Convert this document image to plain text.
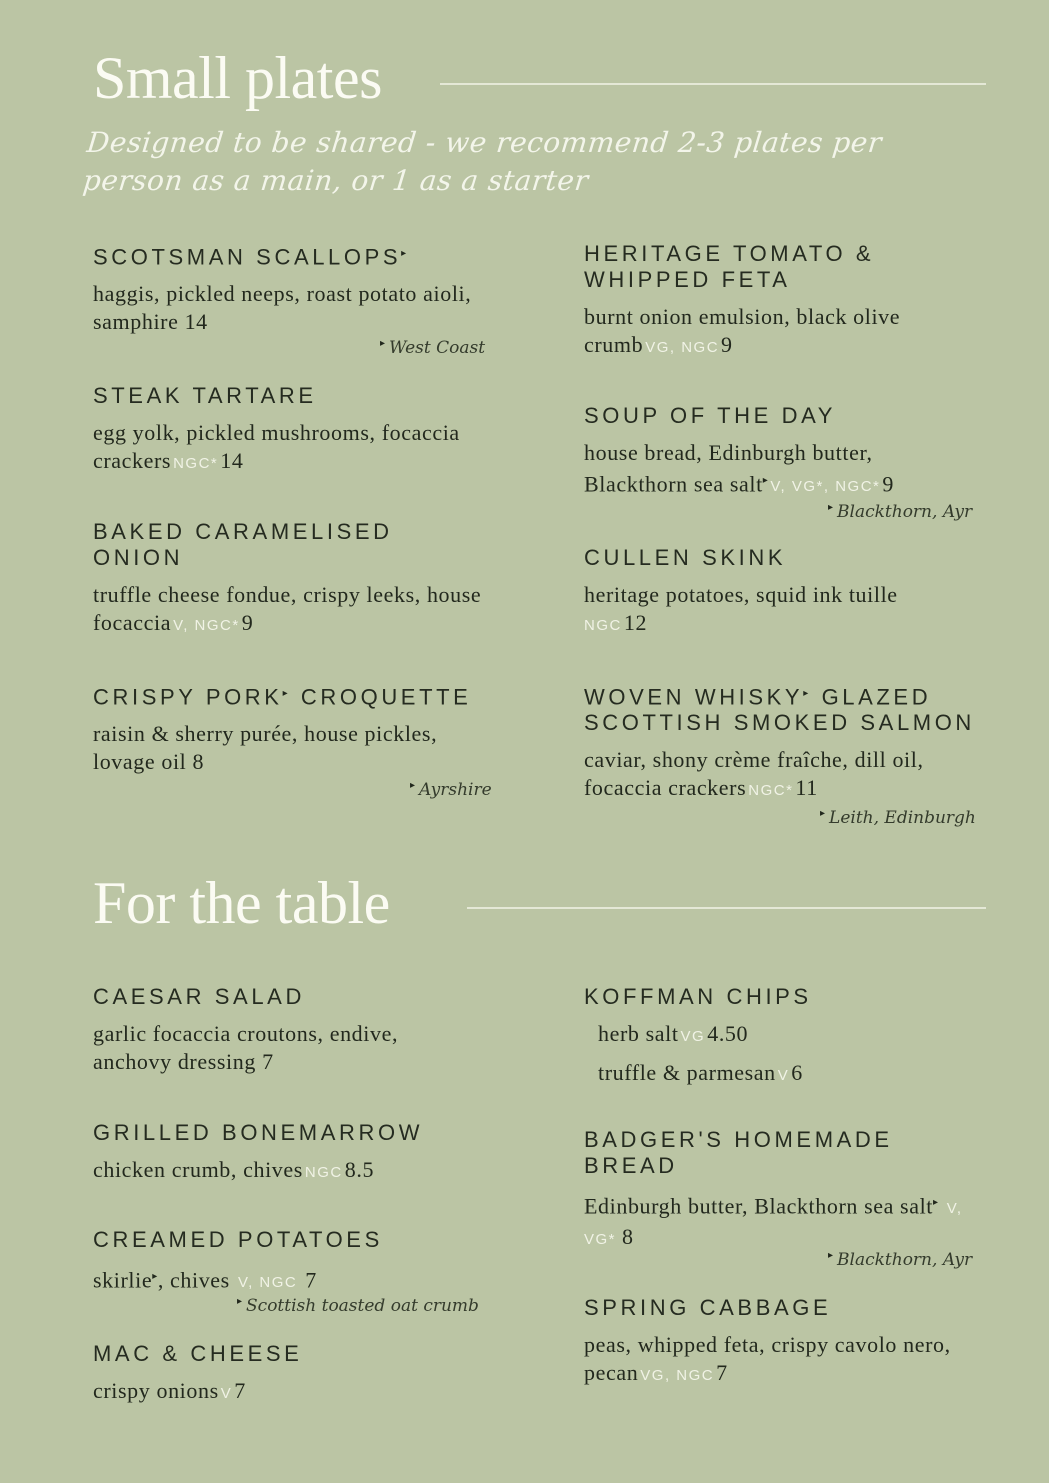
Small plates
Designed to be shared - we recommend 2-3 plates per person as a main, or 1 as a starter
SCOTSMAN SCALLOPS▸
haggis, pickled neeps, roast potato aioli, samphire 14
▸ West Coast
STEAK TARTARE
egg yolk, pickled mushrooms, focaccia crackers NGC*14
BAKED CARAMELISED ONION
truffle cheese fondue, crispy leeks, house focaccia V, NGC*9
CRISPY PORK▸ CROQUETTE
raisin & sherry purée, house pickles, lovage oil 8
▸ Ayrshire
HERITAGE TOMATO & WHIPPED FETA
burnt onion emulsion, black olive crumb VG, NGC9
SOUP OF THE DAY
house bread, Edinburgh butter, Blackthorn sea salt▸ V, VG*, NGC*9
▸ Blackthorn, Ayr
CULLEN SKINK
heritage potatoes, squid ink tuille NGC12
WOVEN WHISKY▸ GLAZED SCOTTISH SMOKED SALMON
caviar, shony crème fraîche, dill oil, focaccia crackers NGC*11
▸ Leith, Edinburgh
For the table
CAESAR SALAD
garlic focaccia croutons, endive, anchovy dressing 7
GRILLED BONEMARROW
chicken crumb, chives NGC8.5
CREAMED POTATOES
skirlie▸, chives V, NGC 7
▸ Scottish toasted oat crumb
MAC & CHEESE
crispy onions V7
KOFFMAN CHIPS
herb salt VG4.50
truffle & parmesan V6
BADGER'S HOMEMADE BREAD
Edinburgh butter, Blackthorn sea salt▸ V, VG* 8
▸ Blackthorn, Ayr
SPRING CABBAGE
peas, whipped feta, crispy cavolo nero, pecan VG, NGC7
